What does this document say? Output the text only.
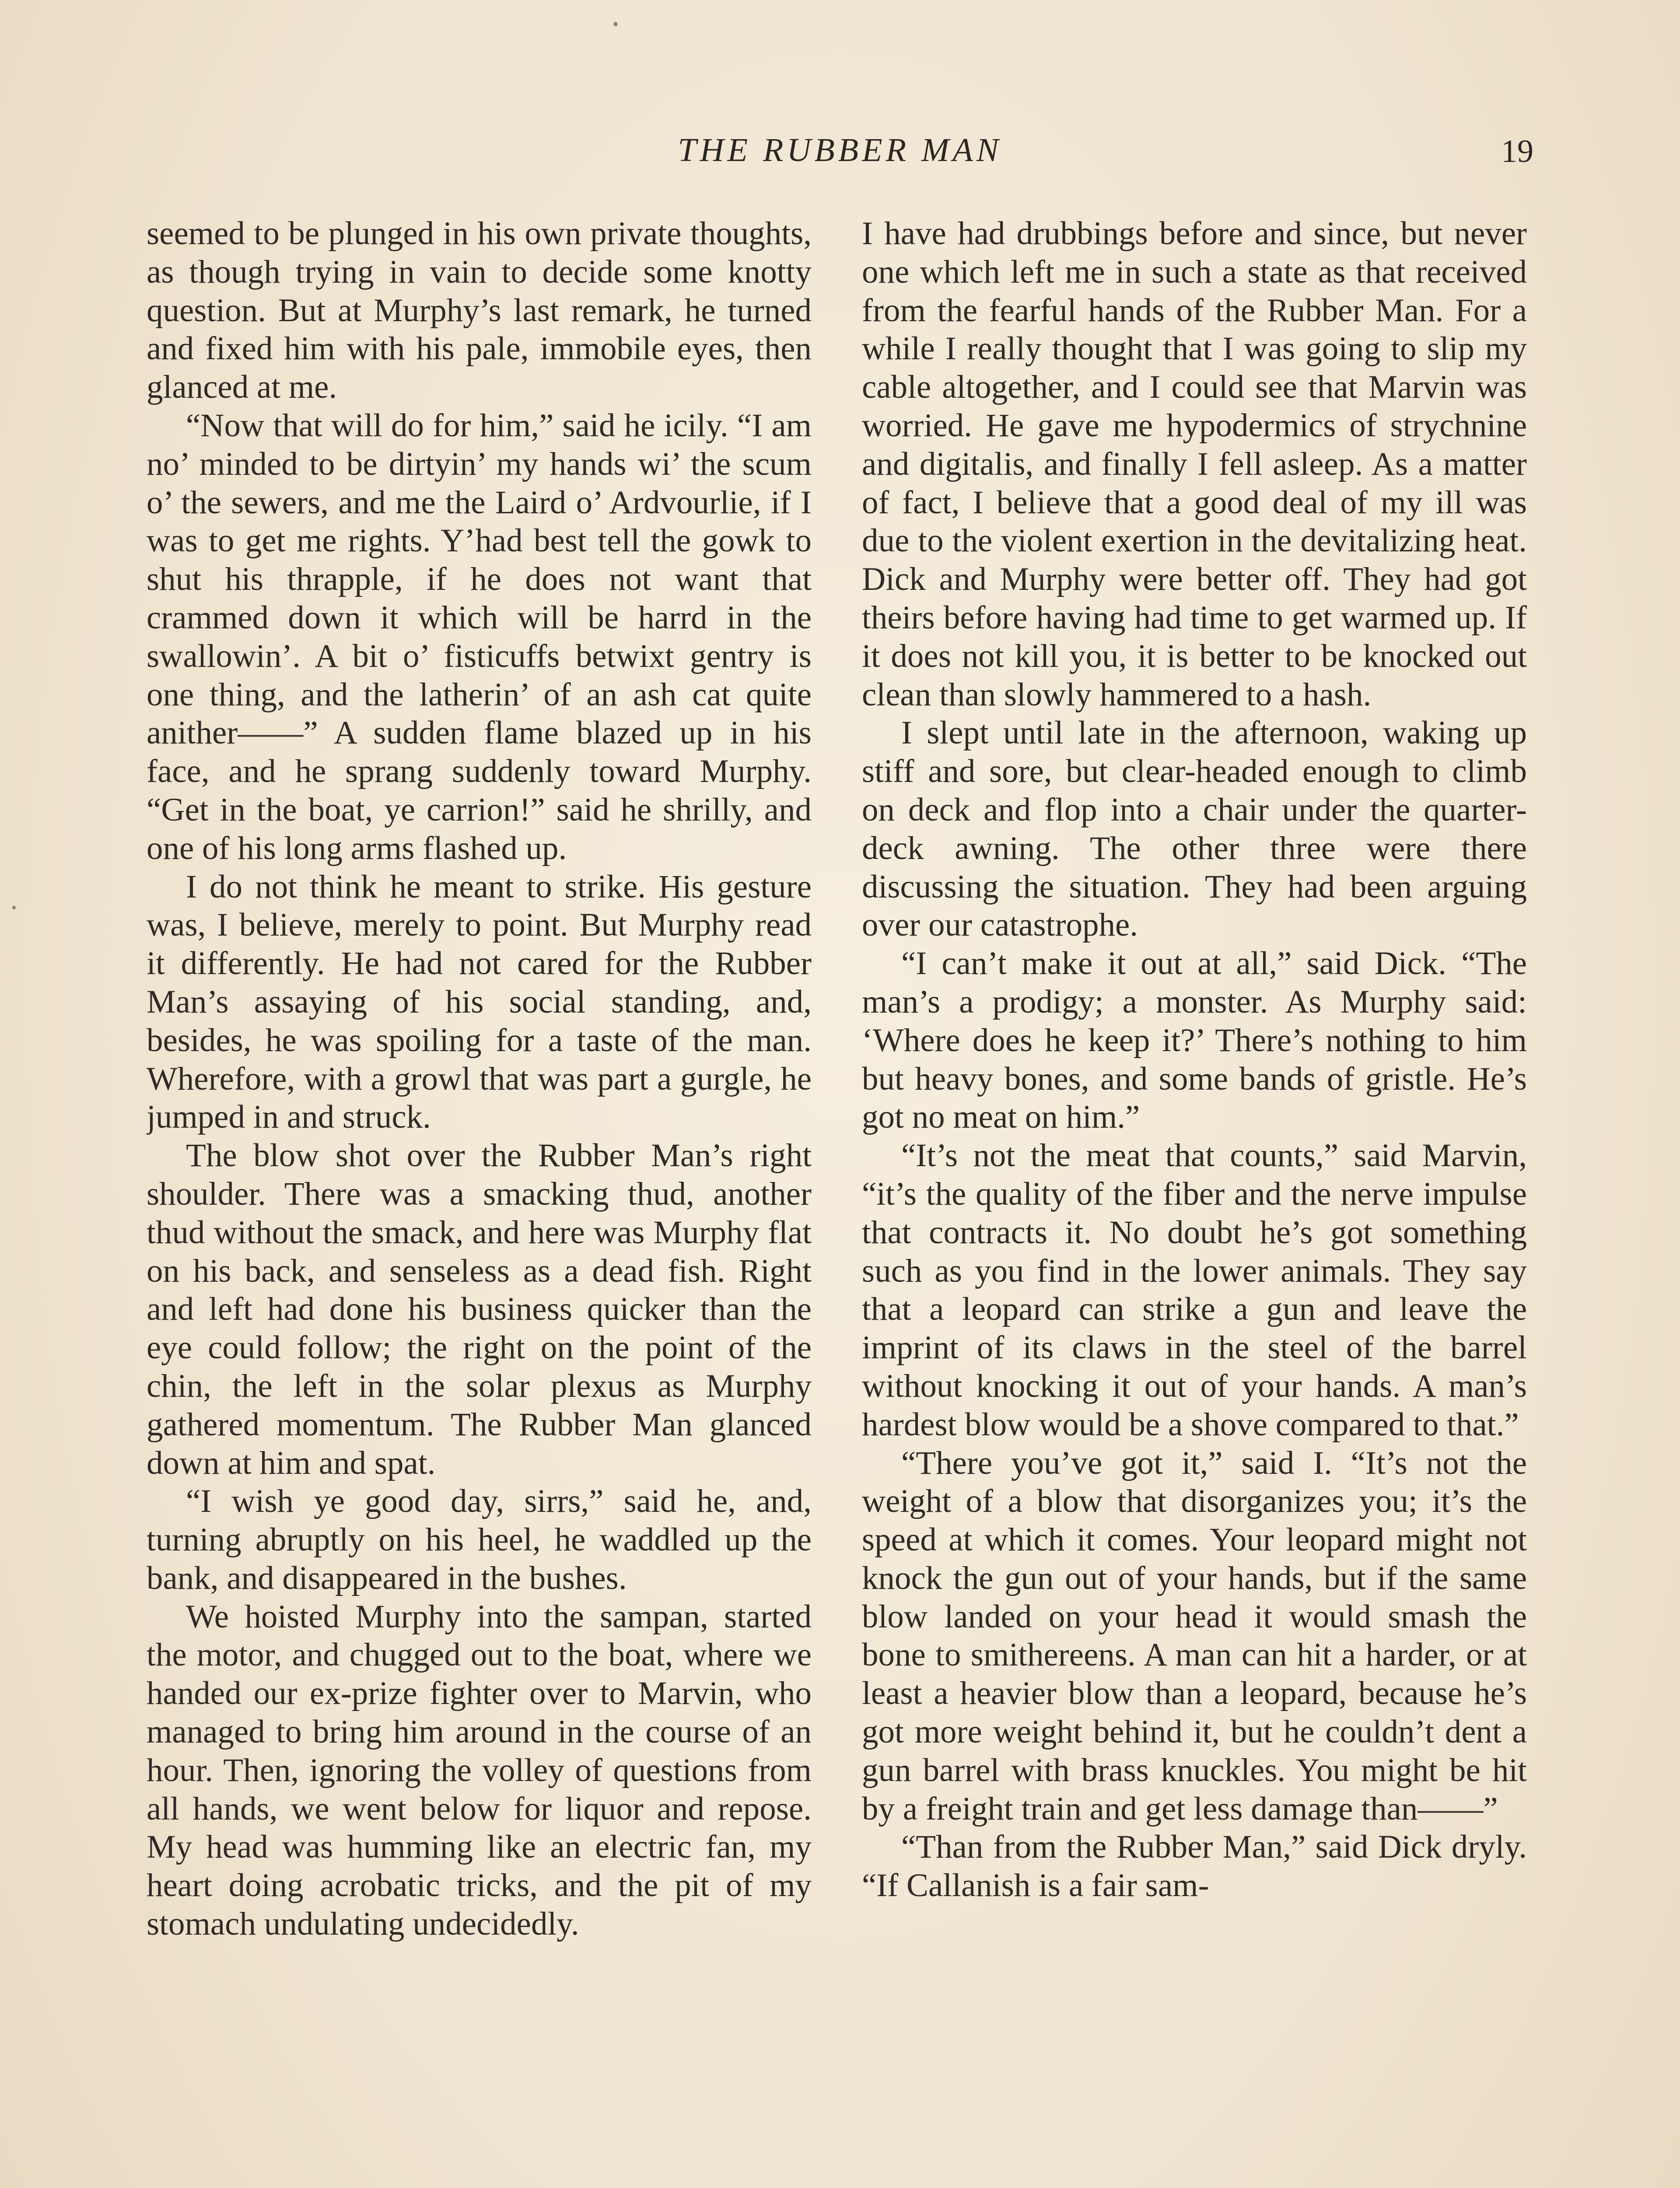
THE RUBBER MAN	19

seemed to be plunged in his own private thoughts, as though trying in vain to decide some knotty question. But at Murphy’s last remark, he turned and fixed him with his pale, immobile eyes, then glanced at me.

“Now that will do for him,” said he icily. “I am no’ minded to be dirtyin’ my hands wi’ the scum o’ the sewers, and me the Laird o’ Ardvourlie, if I was to get me rights. Y’had best tell the gowk to shut his thrapple, if he does not want that crammed down it which will be harrd in the swallowin’. A bit o’ fisticuffs betwixt gentry is one thing, and the latherin’ of an ash cat quite anither——” A sudden flame blazed up in his face, and he sprang suddenly toward Murphy. “Get in the boat, ye carrion!” said he shrilly, and one of his long arms flashed up.

I do not think he meant to strike. His gesture was, I believe, merely to point. But Murphy read it differently. He had not cared for the Rubber Man’s assaying of his social standing, and, besides, he was spoiling for a taste of the man. Wherefore, with a growl that was part a gurgle, he jumped in and struck.

The blow shot over the Rubber Man’s right shoulder. There was a smacking thud, another thud without the smack, and here was Murphy flat on his back, and senseless as a dead fish. Right and left had done his business quicker than the eye could follow; the right on the point of the chin, the left in the solar plexus as Murphy gathered momentum. The Rubber Man glanced down at him and spat.

“I wish ye good day, sirrs,” said he, and, turning abruptly on his heel, he waddled up the bank, and disappeared in the bushes.

We hoisted Murphy into the sampan, started the motor, and chugged out to the boat, where we handed our ex-prize fighter over to Marvin, who managed to bring him around in the course of an hour. Then, ignoring the volley of questions from all hands, we went below for liquor and repose. My head was humming like an electric fan, my heart doing acrobatic tricks, and the pit of my stomach undulating undecidedly.

I have had drubbings before and since, but never one which left me in such a state as that received from the fearful hands of the Rubber Man. For a while I really thought that I was going to slip my cable altogether, and I could see that Marvin was worried. He gave me hypodermics of strychnine and digitalis, and finally I fell asleep. As a matter of fact, I believe that a good deal of my ill was due to the violent exertion in the devitalizing heat. Dick and Murphy were better off. They had got theirs before having had time to get warmed up. If it does not kill you, it is better to be knocked out clean than slowly hammered to a hash.

I slept until late in the afternoon, waking up stiff and sore, but clear-headed enough to climb on deck and flop into a chair under the quarter-deck awning. The other three were there discussing the situation. They had been arguing over our catastrophe.

“I can’t make it out at all,” said Dick. “The man’s a prodigy; a monster. As Murphy said: ‘Where does he keep it?’ There’s nothing to him but heavy bones, and some bands of gristle. He’s got no meat on him.”

“It’s not the meat that counts,” said Marvin, “it’s the quality of the fiber and the nerve impulse that contracts it. No doubt he’s got something such as you find in the lower animals. They say that a leopard can strike a gun and leave the imprint of its claws in the steel of the barrel without knocking it out of your hands. A man’s hardest blow would be a shove compared to that.”

“There you’ve got it,” said I. “It’s not the weight of a blow that disorganizes you; it’s the speed at which it comes. Your leopard might not knock the gun out of your hands, but if the same blow landed on your head it would smash the bone to smithereens. A man can hit a harder, or at least a heavier blow than a leopard, because he’s got more weight behind it, but he couldn’t dent a gun barrel with brass knuckles. You might be hit by a freight train and get less damage than——”

“Than from the Rubber Man,” said Dick dryly. “If Callanish is a fair sam-
